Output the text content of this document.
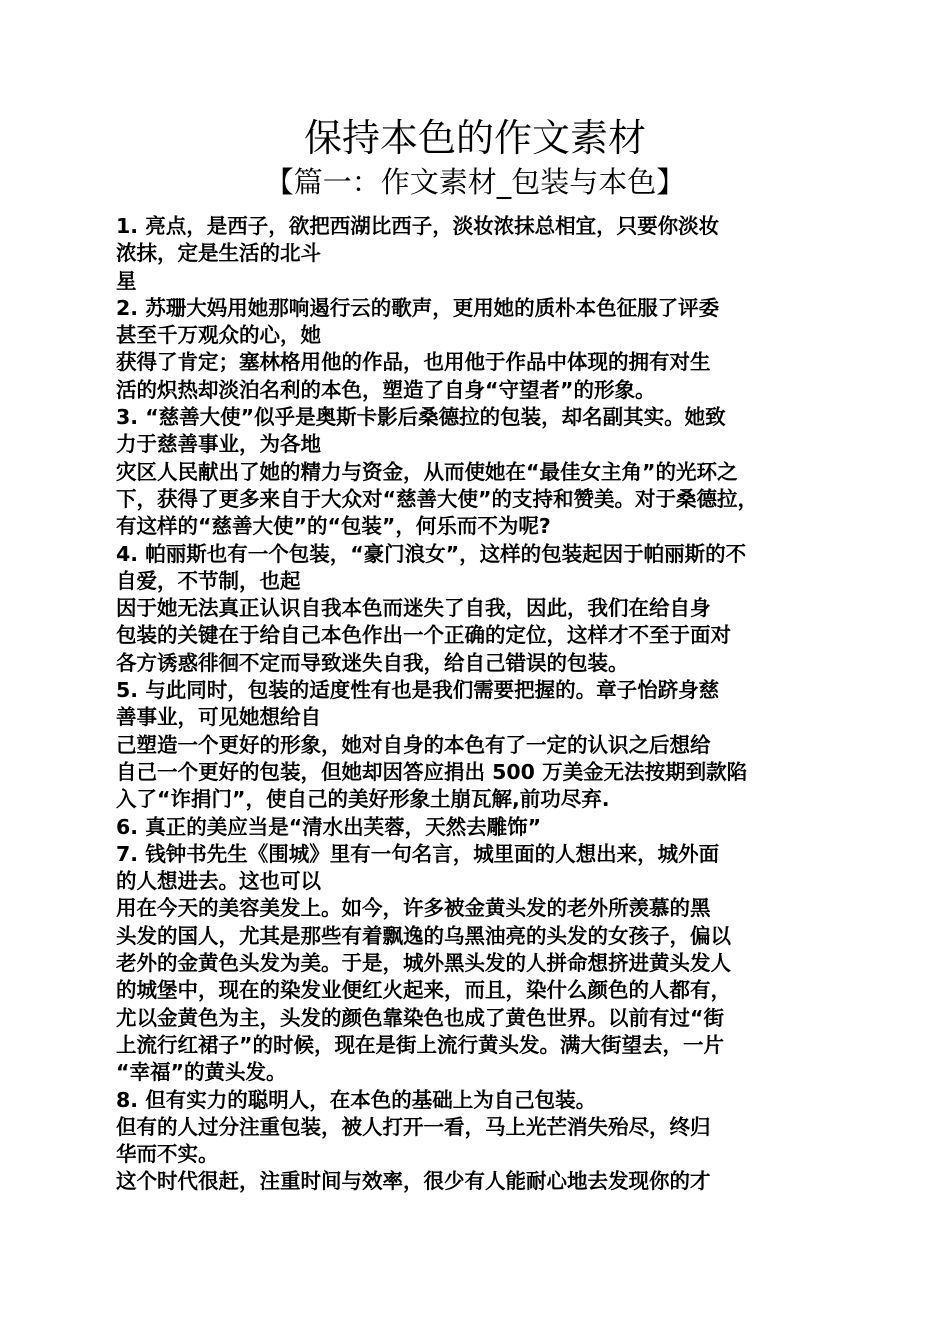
保持本色的作文素材
【篇一：作文素材_包装与本色】
1. 亮点，是西子，欲把西湖比西子，淡妆浓抹总相宜，只要你淡妆
浓抹，定是生活的北斗
星
2. 苏珊大妈用她那响遏行云的歌声，更用她的质朴本色征服了评委
甚至千万观众的心，她
获得了肯定；塞林格用他的作品，也用他于作品中体现的拥有对生
活的炽热却淡泊名利的本色，塑造了自身“守望者”的形象。
3. “慈善大使”似乎是奥斯卡影后桑德拉的包装，却名副其实。她致
力于慈善事业，为各地
灾区人民献出了她的精力与资金，从而使她在“最佳女主角”的光环之
下，获得了更多来自于大众对“慈善大使”的支持和赞美。对于桑德拉，
有这样的“慈善大使”的“包装”，何乐而不为呢?
4. 帕丽斯也有一个包装，“豪门浪女”，这样的包装起因于帕丽斯的不
自爱，不节制，也起
因于她无法真正认识自我本色而迷失了自我，因此，我们在给自身
包装的关键在于给自己本色作出一个正确的定位，这样才不至于面对
各方诱惑徘徊不定而导致迷失自我，给自己错误的包装。
5. 与此同时，包装的适度性有也是我们需要把握的。章子怡跻身慈
善事业，可见她想给自
己塑造一个更好的形象，她对自身的本色有了一定的认识之后想给
自己一个更好的包装，但她却因答应捐出 500 万美金无法按期到款陷
入了“诈捐门”，使自己的美好形象土崩瓦解,前功尽弃.
6. 真正的美应当是“清水出芙蓉，天然去雕饰”
7. 钱钟书先生《围城》里有一句名言，城里面的人想出来，城外面
的人想进去。这也可以
用在今天的美容美发上。如今，许多被金黄头发的老外所羡慕的黑
头发的国人，尤其是那些有着飘逸的乌黑油亮的头发的女孩子，偏以
老外的金黄色头发为美。于是，城外黑头发的人拼命想挤进黄头发人
的城堡中，现在的染发业便红火起来，而且，染什么颜色的人都有，
尤以金黄色为主，头发的颜色靠染色也成了黄色世界。以前有过“街
上流行红裙子”的时候，现在是街上流行黄头发。满大街望去，一片
“幸福”的黄头发。
8. 但有实力的聪明人，在本色的基础上为自己包装。
但有的人过分注重包装，被人打开一看，马上光芒消失殆尽，终归
华而不实。
这个时代很赶，注重时间与效率，很少有人能耐心地去发现你的才
